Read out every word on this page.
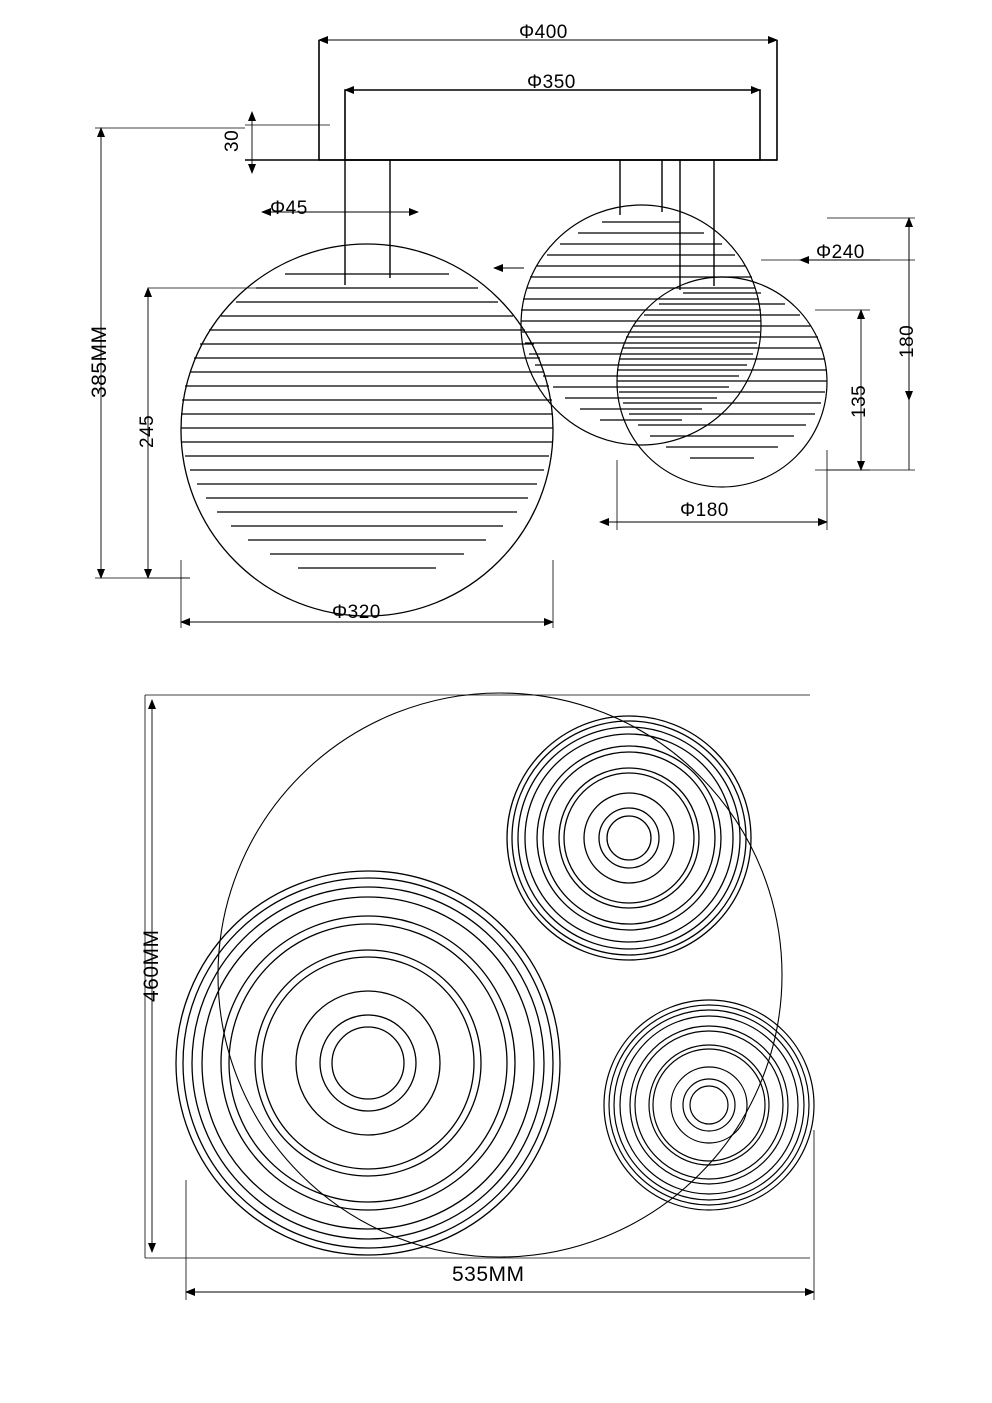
Φ400
Φ350
30
Φ45
385MM
245
Φ320
Φ240
Φ180
180
135
460MM
535MM
